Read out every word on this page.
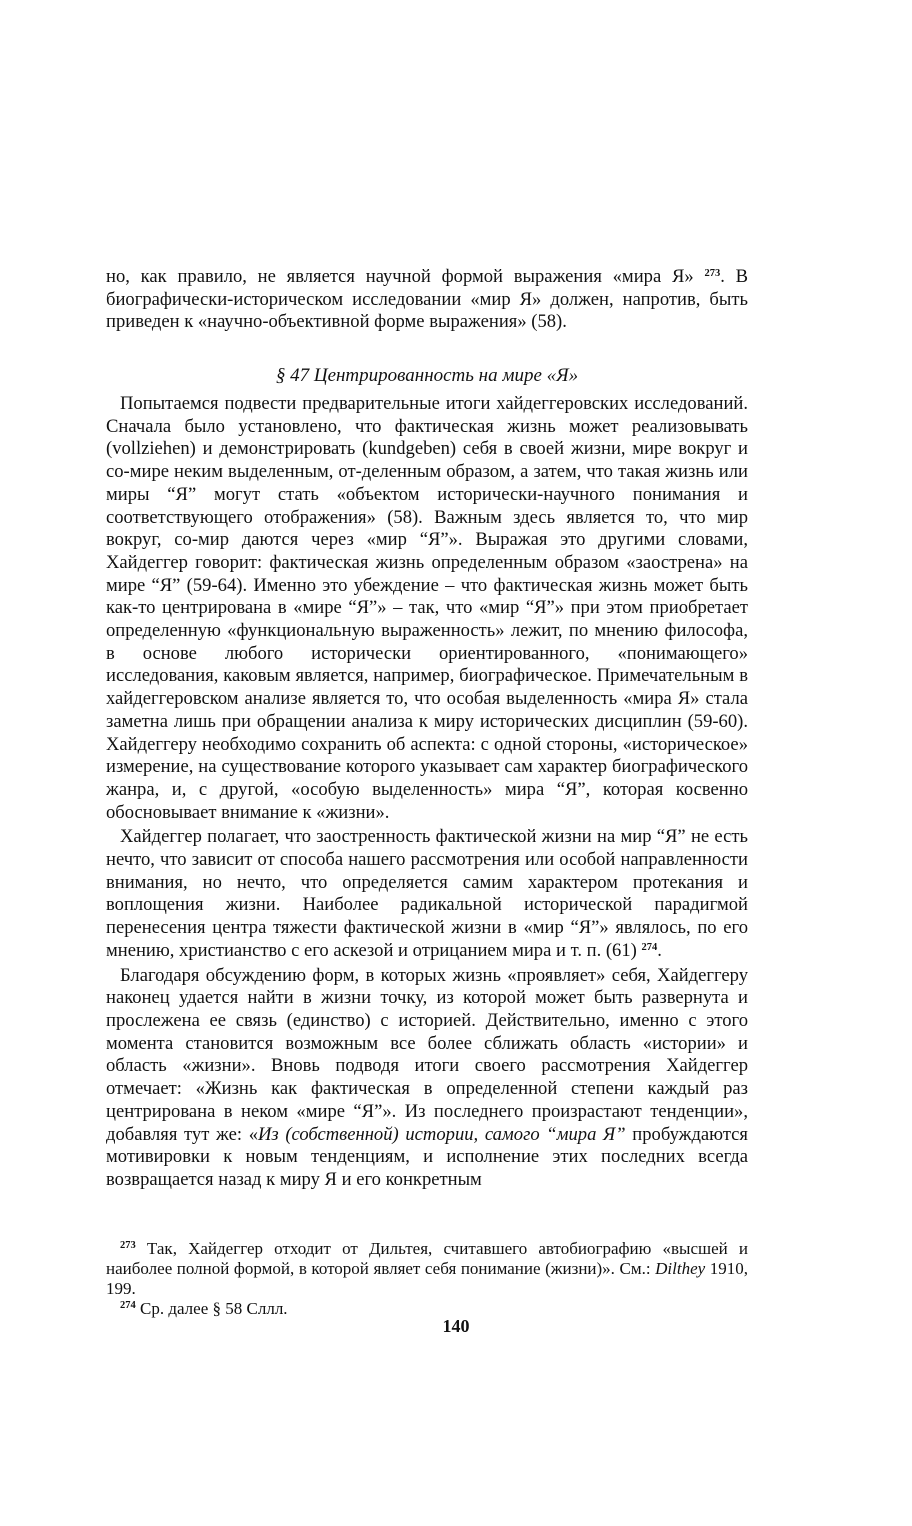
но, как правило, не является научной формой выражения «мира Я» $^{273}$. В биографически-историческом исследовании «мир Я» должен, напротив, быть приведен к «научно-объективной форме выражения» (58).

§ 47 Центрированность на мире «Я»

Попытаемся подвести предварительные итоги хайдеггеровских исследований. Сначала было установлено, что фактическая жизнь может реализовывать (vollziehen) и демонстрировать (kundgeben) себя в своей жизни, мире вокруг и со-мире неким выделенным, от-деленным образом, а затем, что такая жизнь или миры “Я” могут стать «объектом исторически-научного понимания и соответствующего отображения» (58). Важным здесь является то, что мир вокруг, со-мир даются через «мир “Я”». Выражая это другими словами, Хайдеггер говорит: фактическая жизнь определенным образом «заострена» на мире “Я” (59-64). Именно это убеждение – что фактическая жизнь может быть как-то центрирована в «мире “Я”» – так, что «мир “Я”» при этом приобретает определенную «функциональную выраженность» лежит, по мнению философа, в основе любого исторически ориентированного, «понимающего» исследования, каковым является, например, биографическое. Примечательным в хайдеггеровском анализе является то, что особая выделенность «мира Я» стала заметна лишь при обращении анализа к миру исторических дисциплин (59-60). Хайдеггеру необходимо сохранить об аспекта: с одной стороны, «историческое» измерение, на существование которого указывает сам характер биографического жанра, и, с другой, «особую выделенность» мира “Я”, которая косвенно обосновывает внимание к «жизни».

Хайдеггер полагает, что заостренность фактической жизни на мир “Я” не есть нечто, что зависит от способа нашего рассмотрения или особой направленности внимания, но нечто, что определяется самим характером протекания и воплощения жизни. Наиболее радикальной исторической парадигмой перенесения центра тяжести фактической жизни в «мир “Я”» являлось, по его мнению, христианство с его аскезой и отрицанием мира и т. п. (61) $^{274}$.

Благодаря обсуждению форм, в которых жизнь «проявляет» себя, Хайдеггеру наконец удается найти в жизни точку, из которой может быть развернута и прослежена ее связь (единство) с историей. Действительно, именно с этого момента становится возможным все более сближать область «истории» и область «жизни». Вновь подводя итоги своего рассмотрения Хайдеггер отмечает: «Жизнь как фактическая в определенной степени каждый раз центрирована в неком «мире “Я”». Из последнего произрастают тенденции», добавляя тут же: «Из (собственной) истории, самого “мира Я” пробуждаются мотивировки к новым тенденциям, и исполнение этих последних всегда возвращается назад к миру Я и его конкретным

$^{273}$ Так, Хайдеггер отходит от Дильтея, считавшего автобиографию «высшей и наиболее полной формой, в которой являет себя понимание (жизни)». См.: Dilthey 1910, 199.

$^{274}$ Ср. далее § 58 Сллл.

140
